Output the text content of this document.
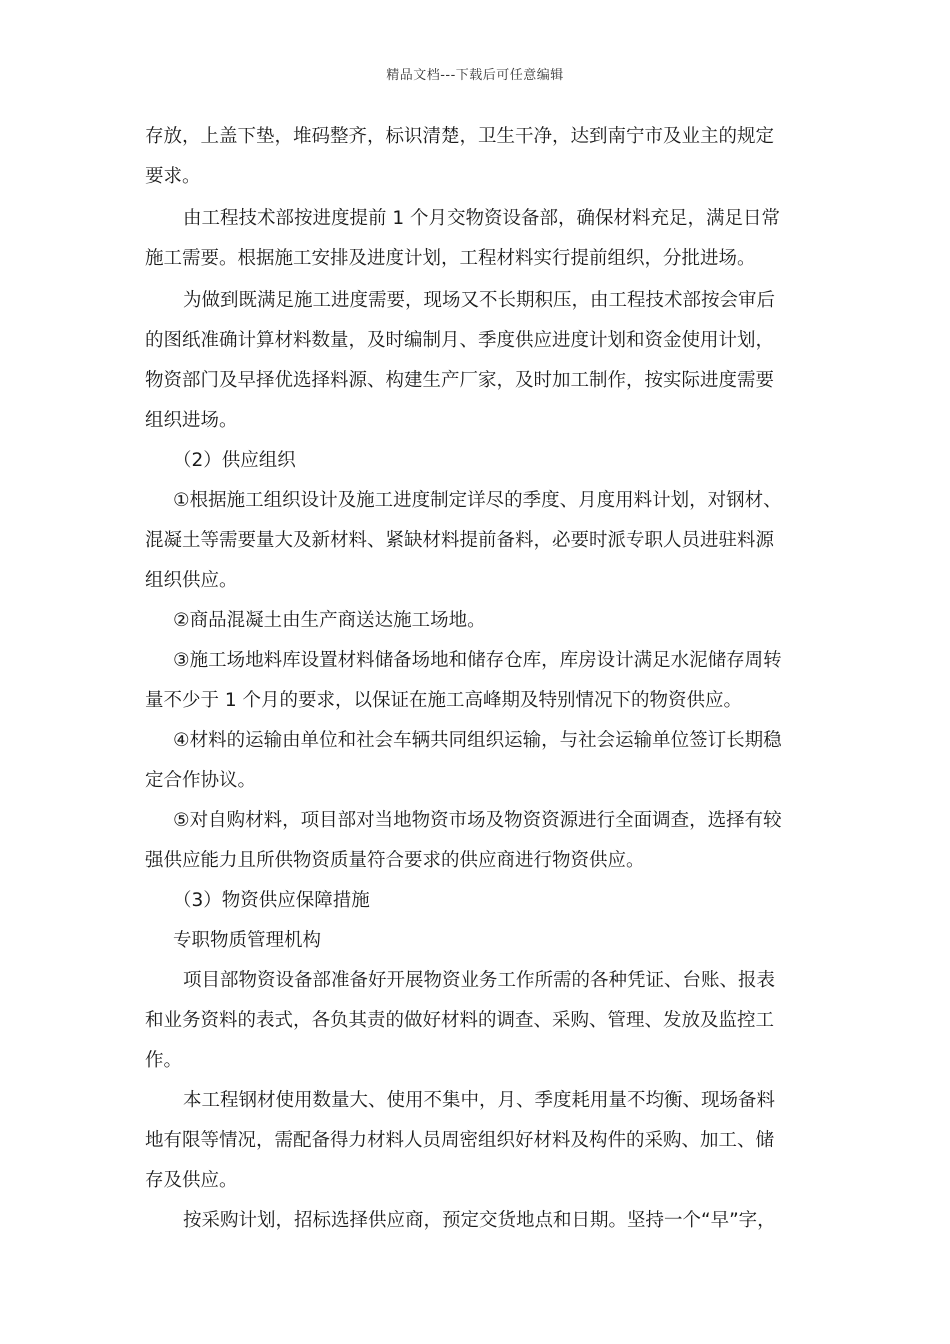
精品文档---下载后可任意编辑

存放，上盖下垫，堆码整齐，标识清楚，卫生干净，达到南宁市及业主的规定

要求。

由工程技术部按进度提前 1 个月交物资设备部，确保材料充足，满足日常

施工需要。根据施工安排及进度计划，工程材料实行提前组织，分批进场。

为做到既满足施工进度需要，现场又不长期积压，由工程技术部按会审后

的图纸准确计算材料数量，及时编制月、季度供应进度计划和资金使用计划，

物资部门及早择优选择料源、构建生产厂家，及时加工制作，按实际进度需要

组织进场。

（2）供应组织

①根据施工组织设计及施工进度制定详尽的季度、月度用料计划，对钢材、

混凝土等需要量大及新材料、紧缺材料提前备料，必要时派专职人员进驻料源

组织供应。

②商品混凝土由生产商送达施工场地。

③施工场地料库设置材料储备场地和储存仓库，库房设计满足水泥储存周转

量不少于 1 个月的要求，以保证在施工高峰期及特别情况下的物资供应。

④材料的运输由单位和社会车辆共同组织运输，与社会运输单位签订长期稳

定合作协议。

⑤对自购材料，项目部对当地物资市场及物资资源进行全面调查，选择有较

强供应能力且所供物资质量符合要求的供应商进行物资供应。

（3）物资供应保障措施

专职物质管理机构

项目部物资设备部准备好开展物资业务工作所需的各种凭证、台账、报表

和业务资料的表式，各负其责的做好材料的调查、采购、管理、发放及监控工

作。

本工程钢材使用数量大、使用不集中，月、季度耗用量不均衡、现场备料

地有限等情况，需配备得力材料人员周密组织好材料及构件的采购、加工、储

存及供应。

按采购计划，招标选择供应商，预定交货地点和日期。坚持一个“早”字，
